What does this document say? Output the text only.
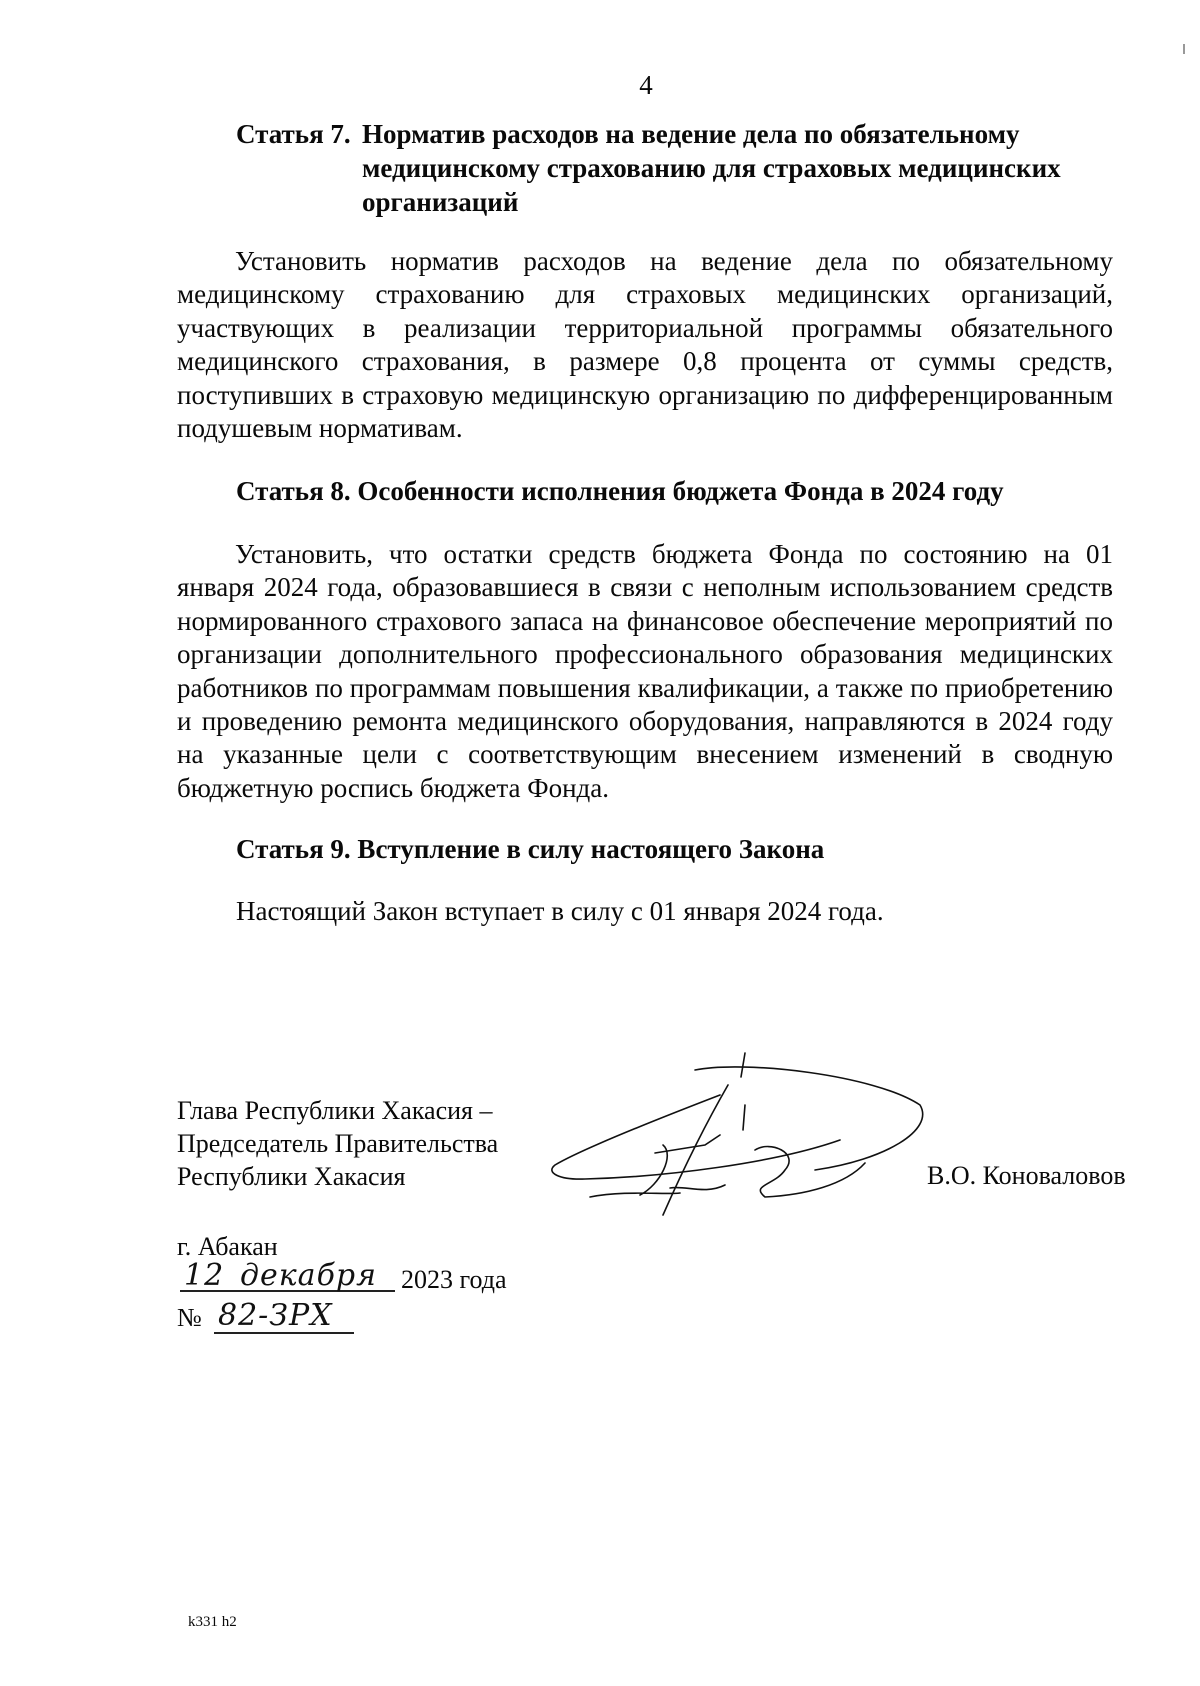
4
Статья 7. Норматив расходов на ведение дела по обязательному
медицинскому страхованию для страховых медицинских
организаций
Установить норматив расходов на ведение дела по обязательному медицинскому страхованию для страховых медицинских организаций, участвующих в реализации территориальной программы обязательного медицинского страхования, в размере 0,8 процента от суммы средств, поступивших в страховую медицинскую организацию по дифференцированным подушевым нормативам.
Статья 8. Особенности исполнения бюджета Фонда в 2024 году
Установить, что остатки средств бюджета Фонда по состоянию на 01 января 2024 года, образовавшиеся в связи с неполным использованием средств нормированного страхового запаса на финансовое обеспечение мероприятий по организации дополнительного профессионального образования медицинских работников по программам повышения квалификации, а также по приобретению и проведению ремонта медицинского оборудования, направляются в 2024 году на указанные цели с соответствующим внесением изменений в сводную бюджетную роспись бюджета Фонда.
Статья 9. Вступление в силу настоящего Закона
Настоящий Закон вступает в силу с 01 января 2024 года.
Глава Республики Хакасия –
Председатель Правительства
Республики Хакасия	В.О. Коноваловов
г. Абакан
12 декабря 2023 года
№ 82-ЗРХ
k331 h2
